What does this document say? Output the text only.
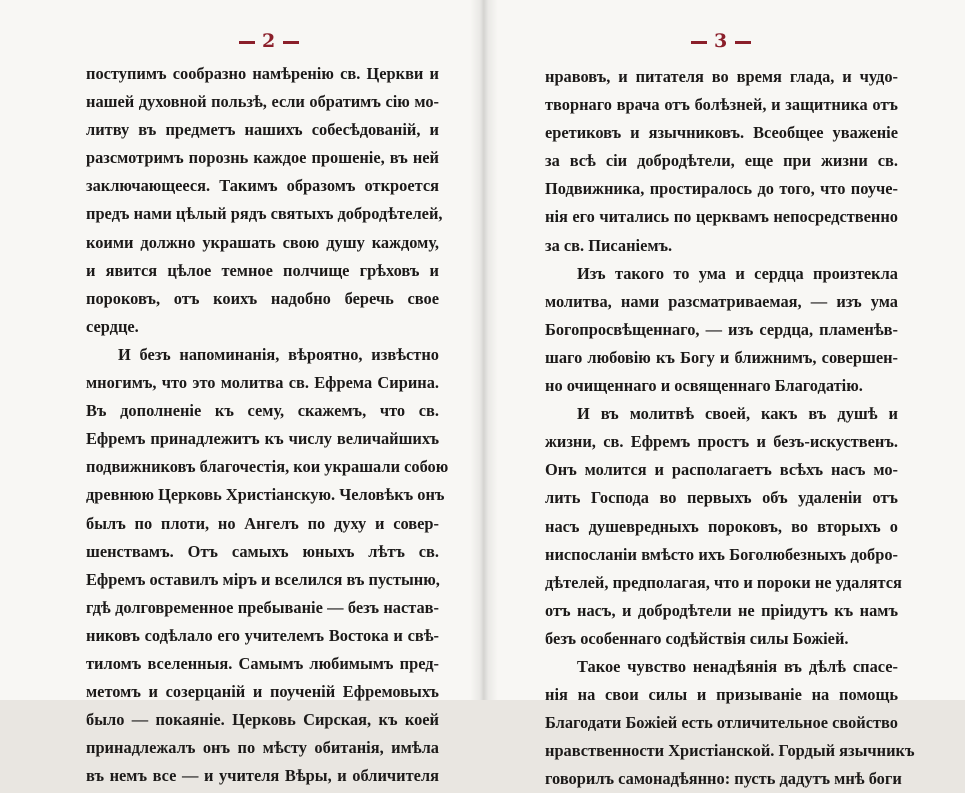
2	3
поступимъ сообразно намѣренію св. Церкви и
нашей духовной пользѣ, если обратимъ сію мо-
литву въ предметъ нашихъ собесѣдованій, и
разсмотримъ порознь каждое прошеніе, въ ней
заключающееся. Такимъ образомъ откроется
предъ нами цѣлый рядъ святыхъ добродѣтелей,
коими должно украшать свою душу каждому,
и явится цѣлое темное полчище грѣховъ и
пороковъ, отъ коихъ надобно беречь свое
сердце.
И безъ напоминанія, вѣроятно, извѣстно
многимъ, что это молитва св. Ефрема Сирина.
Въ дополненіе къ сему, скажемъ, что св.
Ефремъ принадлежитъ къ числу величайшихъ
подвижниковъ благочестія, кои украшали собою
древнюю Церковь Христіанскую. Человѣкъ онъ
былъ по плоти, но Ангелъ по духу и совер-
шенствамъ. Отъ самыхъ юныхъ лѣтъ св.
Ефремъ оставилъ міръ и вселился въ пустыню,
гдѣ долговременное пребываніе — безъ настав-
никовъ содѣлало его учителемъ Востока и свѣ-
тиломъ вселенныя. Самымъ любимымъ пред-
метомъ и созерцаній и поученій Ефремовыхъ
было — покаяніе. Церковь Сирская, къ коей
принадлежалъ онъ по мѣсту обитанія, имѣла
въ немъ все — и учителя Вѣры, и обличителя
нравовъ, и питателя во время глада, и чудо-
творнаго врача отъ болѣзней, и защитника отъ
еретиковъ и язычниковъ. Всеобщее уваженіе
за всѣ сіи добродѣтели, еще при жизни св.
Подвижника, простиралось до того, что поуче-
нія его читались по церквамъ непосредственно
за св. Писаніемъ.
Изъ такого то ума и сердца произтекла
молитва, нами разсматриваемая, — изъ ума
Богопросвѣщеннаго, — изъ сердца, пламенѣв-
шаго любовію къ Богу и ближнимъ, совершен-
но очищеннаго и освященнаго Благодатію.
И въ молитвѣ своей, какъ въ душѣ и
жизни, св. Ефремъ простъ и безъ-искуственъ.
Онъ молится и располагаетъ всѣхъ насъ мо-
лить Господа во первыхъ объ удаленіи отъ
насъ душевредныхъ пороковъ, во вторыхъ о
ниспосланіи вмѣсто ихъ Боголюбезныхъ добро-
дѣтелей, предполагая, что и пороки не удалятся
отъ насъ, и добродѣтели не пріидутъ къ намъ
безъ особеннаго содѣйствія силы Божіей.
Такое чувство ненадѣянія въ дѣлѣ спасе-
нія на свои силы и призываніе на помощь
Благодати Божіей есть отличительное свойство
нравственности Христіанской. Гордый язычникъ
говорилъ самонадѣянно: пусть дадутъ мнѣ боги
